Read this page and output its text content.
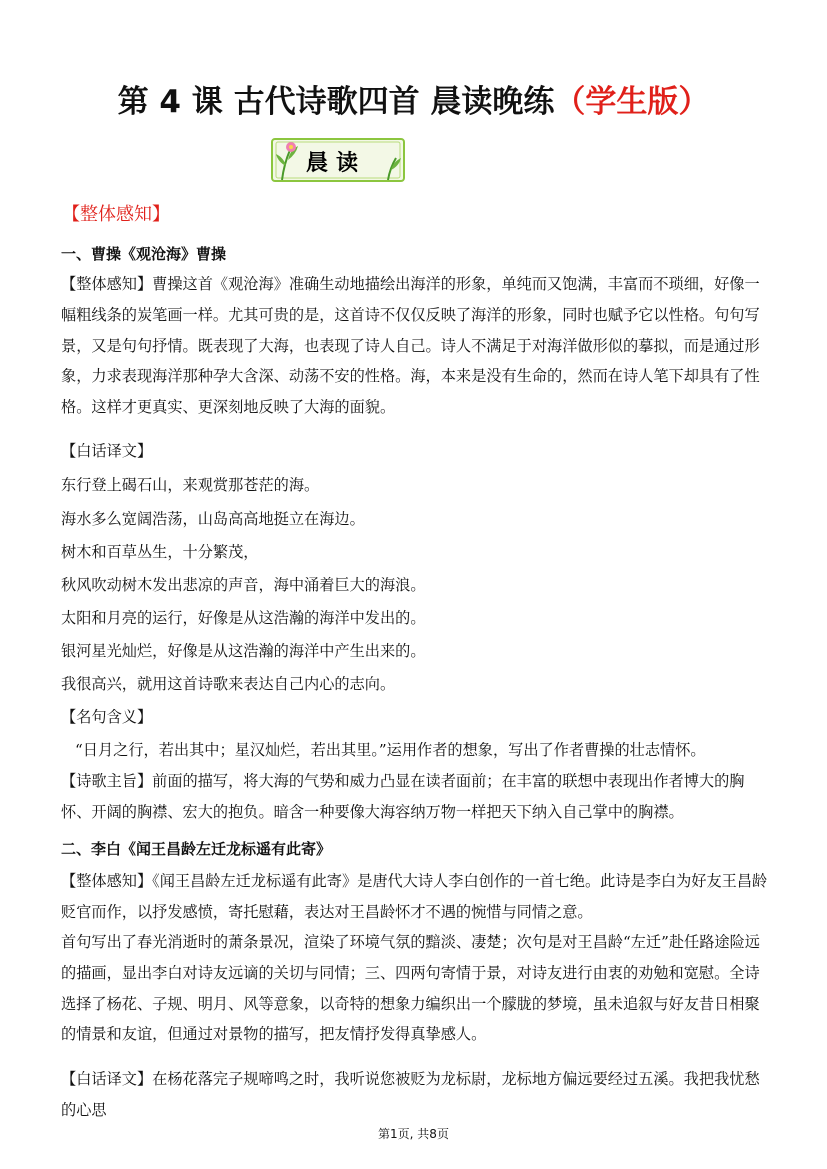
第 4 课 古代诗歌四首 晨读晚练（学生版）
晨读
【整体感知】
一、曹操《观沧海》曹操
【整体感知】曹操这首《观沧海》准确生动地描绘出海洋的形象，单纯而又饱满，丰富而不琐细，好像一幅粗线条的炭笔画一样。尤其可贵的是，这首诗不仅仅反映了海洋的形象，同时也赋予它以性格。句句写景，又是句句抒情。既表现了大海，也表现了诗人自己。诗人不满足于对海洋做形似的摹拟，而是通过形象，力求表现海洋那种孕大含深、动荡不安的性格。海，本来是没有生命的，然而在诗人笔下却具有了性格。这样才更真实、更深刻地反映了大海的面貌。
【白话译文】
东行登上碣石山，来观赏那苍茫的海。
海水多么宽阔浩荡，山岛高高地挺立在海边。
树木和百草丛生，十分繁茂，
秋风吹动树木发出悲凉的声音，海中涌着巨大的海浪。
太阳和月亮的运行，好像是从这浩瀚的海洋中发出的。
银河星光灿烂，好像是从这浩瀚的海洋中产生出来的。
我很高兴，就用这首诗歌来表达自己内心的志向。
【名句含义】
“日月之行，若出其中；星汉灿烂，若出其里。”运用作者的想象，写出了作者曹操的壮志情怀。
【诗歌主旨】前面的描写，将大海的气势和威力凸显在读者面前；在丰富的联想中表现出作者博大的胸怀、开阔的胸襟、宏大的抱负。暗含一种要像大海容纳万物一样把天下纳入自己掌中的胸襟。
二、李白《闻王昌龄左迁龙标遥有此寄》
【整体感知】《闻王昌龄左迁龙标遥有此寄》是唐代大诗人李白创作的一首七绝。此诗是李白为好友王昌龄贬官而作，以抒发感愤，寄托慰藉，表达对王昌龄怀才不遇的惋惜与同情之意。
首句写出了春光消逝时的萧条景况，渲染了环境气氛的黯淡、凄楚；次句是对王昌龄“左迁”赴任路途险远的描画，显出李白对诗友远谪的关切与同情；三、四两句寄情于景，对诗友进行由衷的劝勉和宽慰。全诗选择了杨花、子规、明月、风等意象，以奇特的想象力编织出一个朦胧的梦境，虽未追叙与好友昔日相聚的情景和友谊，但通过对景物的描写，把友情抒发得真挚感人。
【白话译文】在杨花落完子规啼鸣之时，我听说您被贬为龙标尉，龙标地方偏远要经过五溪。我把我忧愁的心思
第1页, 共8页
